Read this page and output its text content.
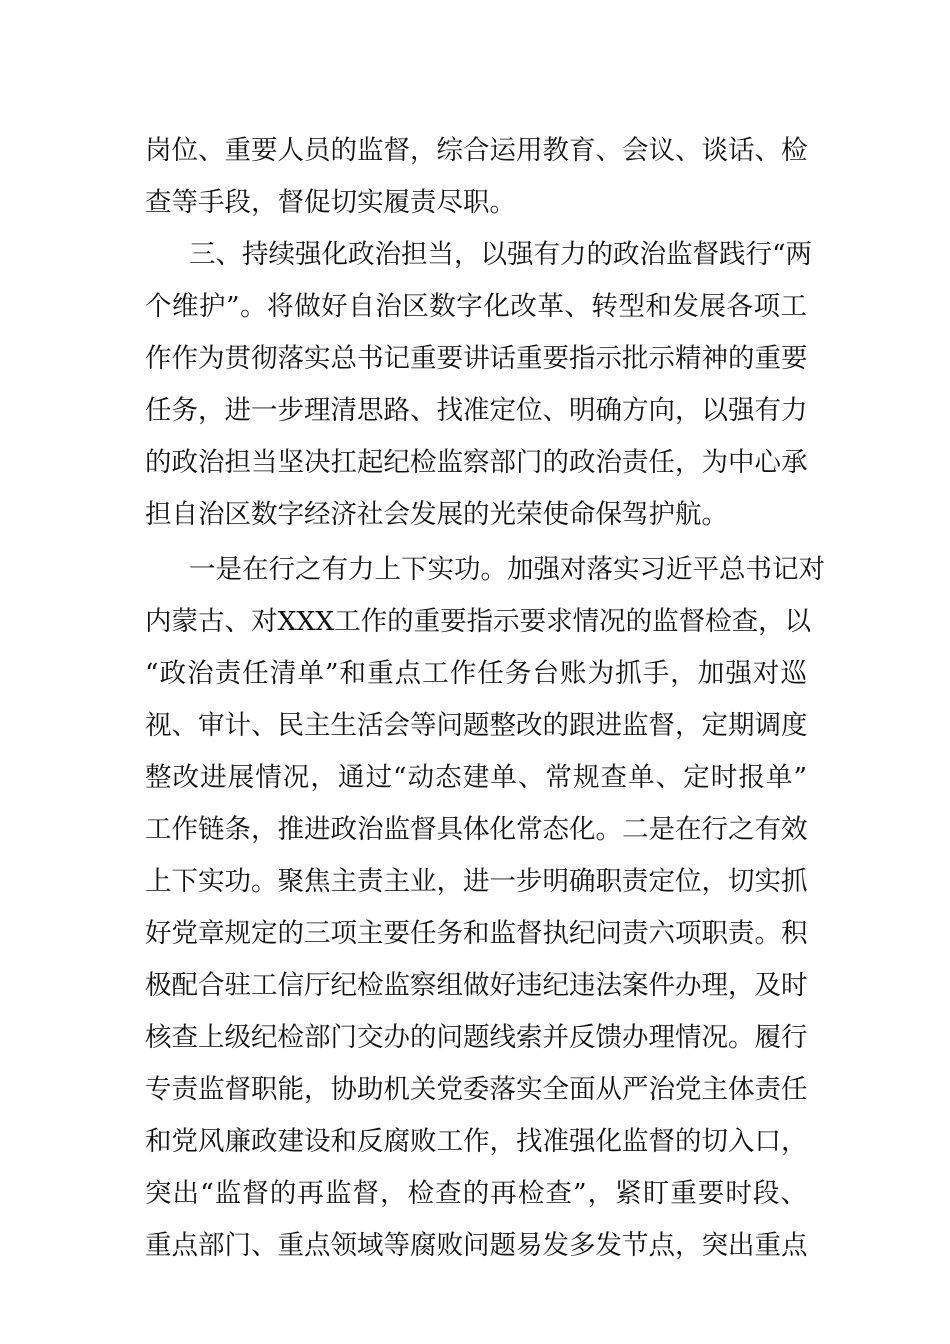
岗位、重要人员的监督，综合运用教育、会议、谈话、检
查等手段，督促切实履责尽职。
三、持续强化政治担当，以强有力的政治监督践行“两
个维护”。将做好自治区数字化改革、转型和发展各项工
作作为贯彻落实总书记重要讲话重要指示批示精神的重要
任务，进一步理清思路、找准定位、明确方向，以强有力
的政治担当坚决扛起纪检监察部门的政治责任，为中心承
担自治区数字经济社会发展的光荣使命保驾护航。
一是在行之有力上下实功。加强对落实习近平总书记对
内蒙古、对XXX工作的重要指示要求情况的监督检查，以
“政治责任清单”和重点工作任务台账为抓手，加强对巡
视、审计、民主生活会等问题整改的跟进监督，定期调度
整改进展情况，通过“动态建单、常规查单、定时报单”
工作链条，推进政治监督具体化常态化。二是在行之有效
上下实功。聚焦主责主业，进一步明确职责定位，切实抓
好党章规定的三项主要任务和监督执纪问责六项职责。积
极配合驻工信厅纪检监察组做好违纪违法案件办理，及时
核查上级纪检部门交办的问题线索并反馈办理情况。履行
专责监督职能，协助机关党委落实全面从严治党主体责任
和党风廉政建设和反腐败工作，找准强化监督的切入口，
突出“监督的再监督，检查的再检查”，紧盯重要时段、
重点部门、重点领域等腐败问题易发多发节点，突出重点
